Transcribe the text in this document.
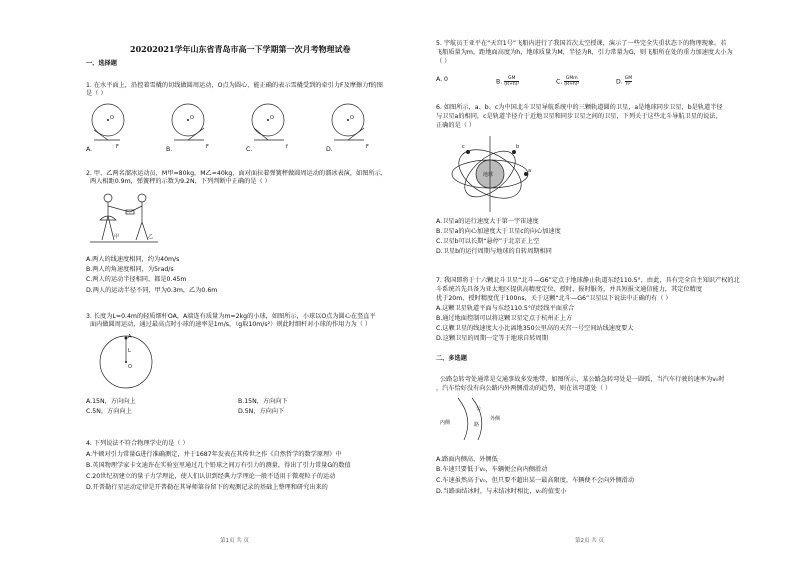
20202021学年山东省青岛市高一下学期第一次月考物理试卷
一、选择题
1. 在水平面上，沿控着雪橇的切线做圆周运动，O点为圆心，能正确的表示雪橇受到的牵引力F及摩擦力f的图
是（ ）
O	O	O	O
F	F	f	F
A.	B.	C.	D.
2. 甲、乙两名溜冰运动员，M甲=80kg，M乙=40kg，面对面拉着弹簧秤做圆周运动的溜冰表演，如图所示，
两人相距0.9m，弹簧秤的示数为9.2N，下列判断中正确的是（ ）
甲	乙
A.两人的线速度相同，约为40m/s
B.两人的角速度相同，为5rad/s
C.两人的运动半径相同，都是0.45m
D.两人的运动半径不同，甲为0.3m，乙为0.6m
3. 长度为L=0.4m的轻质细杆OA，A端连有质量为m=2kg的小球，如图所示，小球以O点为圆心在竖直平
面内做圆周运动，通过最高点时小球的速率是1m/s，（g取10m/s²）则此时细杆对小球的作用力为（ ）
A
L
O
A.15N，方向向上	B.15N，方向向下
C.5N，方向向上	D.5N，方向向下
4. 下列说法不符合物理学史的是（ ）
A.牛顿对引力常量G进行准确测定，并于1687年发表在其传世之作《自然哲学的数学原理》中
B.英国物理学家卡文迪许在实验室里通过几个铅球之间万有引力的测量，得出了引力常量G的数值
C.20世纪初建立的量子力学理论，使人们认识到经典力学理论一般不适用于微观粒子的运动
D.开普勒行星运动定律是开普勒在其导师第谷留下的观测记录的基础上整理和研究出来的
5. 宇航员王亚平在“天宫1号”飞船内进行了我国首次太空授课，演示了一些完全失重状态下的物理现象。若
飞船质量为m，距地面高度为h，地球质量为M，半径为R，引力常量为G，则飞船所在处的重力加速度大小为
（ ）
A. 0	B. $\frac{GM}{\text{(R+h)²}}$	C. GMm
(R+h)²	D. $\frac{GM}{\text{h²}}$
6. 如图所示，a、b、c为中国北斗卫星导航系统中的三颗轨道圆的卫星，a是地球同步卫星，b是轨道半径
与卫星a的相同，c是轨道半径介于近地卫星和同步卫星之间的卫星，下列关于这些北斗导航卫星的说法，
正确的是（ ）
地球
a
b
c
A.卫星a的运行速度大于第一宇宙速度
B.卫星a的向心加速度大于卫星c的向心加速度
C.卫星b可以长期“悬停”于北京正上空
D.卫星b的运行周期与地球的自转周期相同
7. 我国即将于十六颗北斗卫星“北斗—G6”定点于地球静止轨道东经110.5°，由此，具有完全自主知识产权的北
斗系统首先具备为亚太地区提供高精度定位、授时、报时服务，并具短报文通信能力，其定位精度
优于20m，授时精度优于100ns，关于这颗“北斗—G6”卫星以下说法中正确的有（ ）
A.这颗卫星轨道平面与东经110.5°的经线平面重合
B.通过地面控制可以将这颗卫星定点于杭州正上方
C.这颗卫星的线速度大小比离地350公里高的天宫一号空间站线速度要大
D.这颗卫星的周期一定等于地球自转周期
二、多选题
公路急转弯处通常是交通事故多发地带，如图所示，某公路急转弯处是一圆弧，当汽车行驶的速率为v₀时
，汽车恰好没有向公路内外两侧滑动的趋势，则在该弯道处（ ）
内侧
外侧
公
路
A.路面内侧高、外侧低
B.车速只要低于v₀，车辆便会向内侧滑动
C.车速虽然高于v₀，但只要不超出某一最高限度，车辆便不会向外侧滑动
D.当路面结冰时，与未结冰时相比，v₀的值变小
第1页 共 页	第2页 共 页
